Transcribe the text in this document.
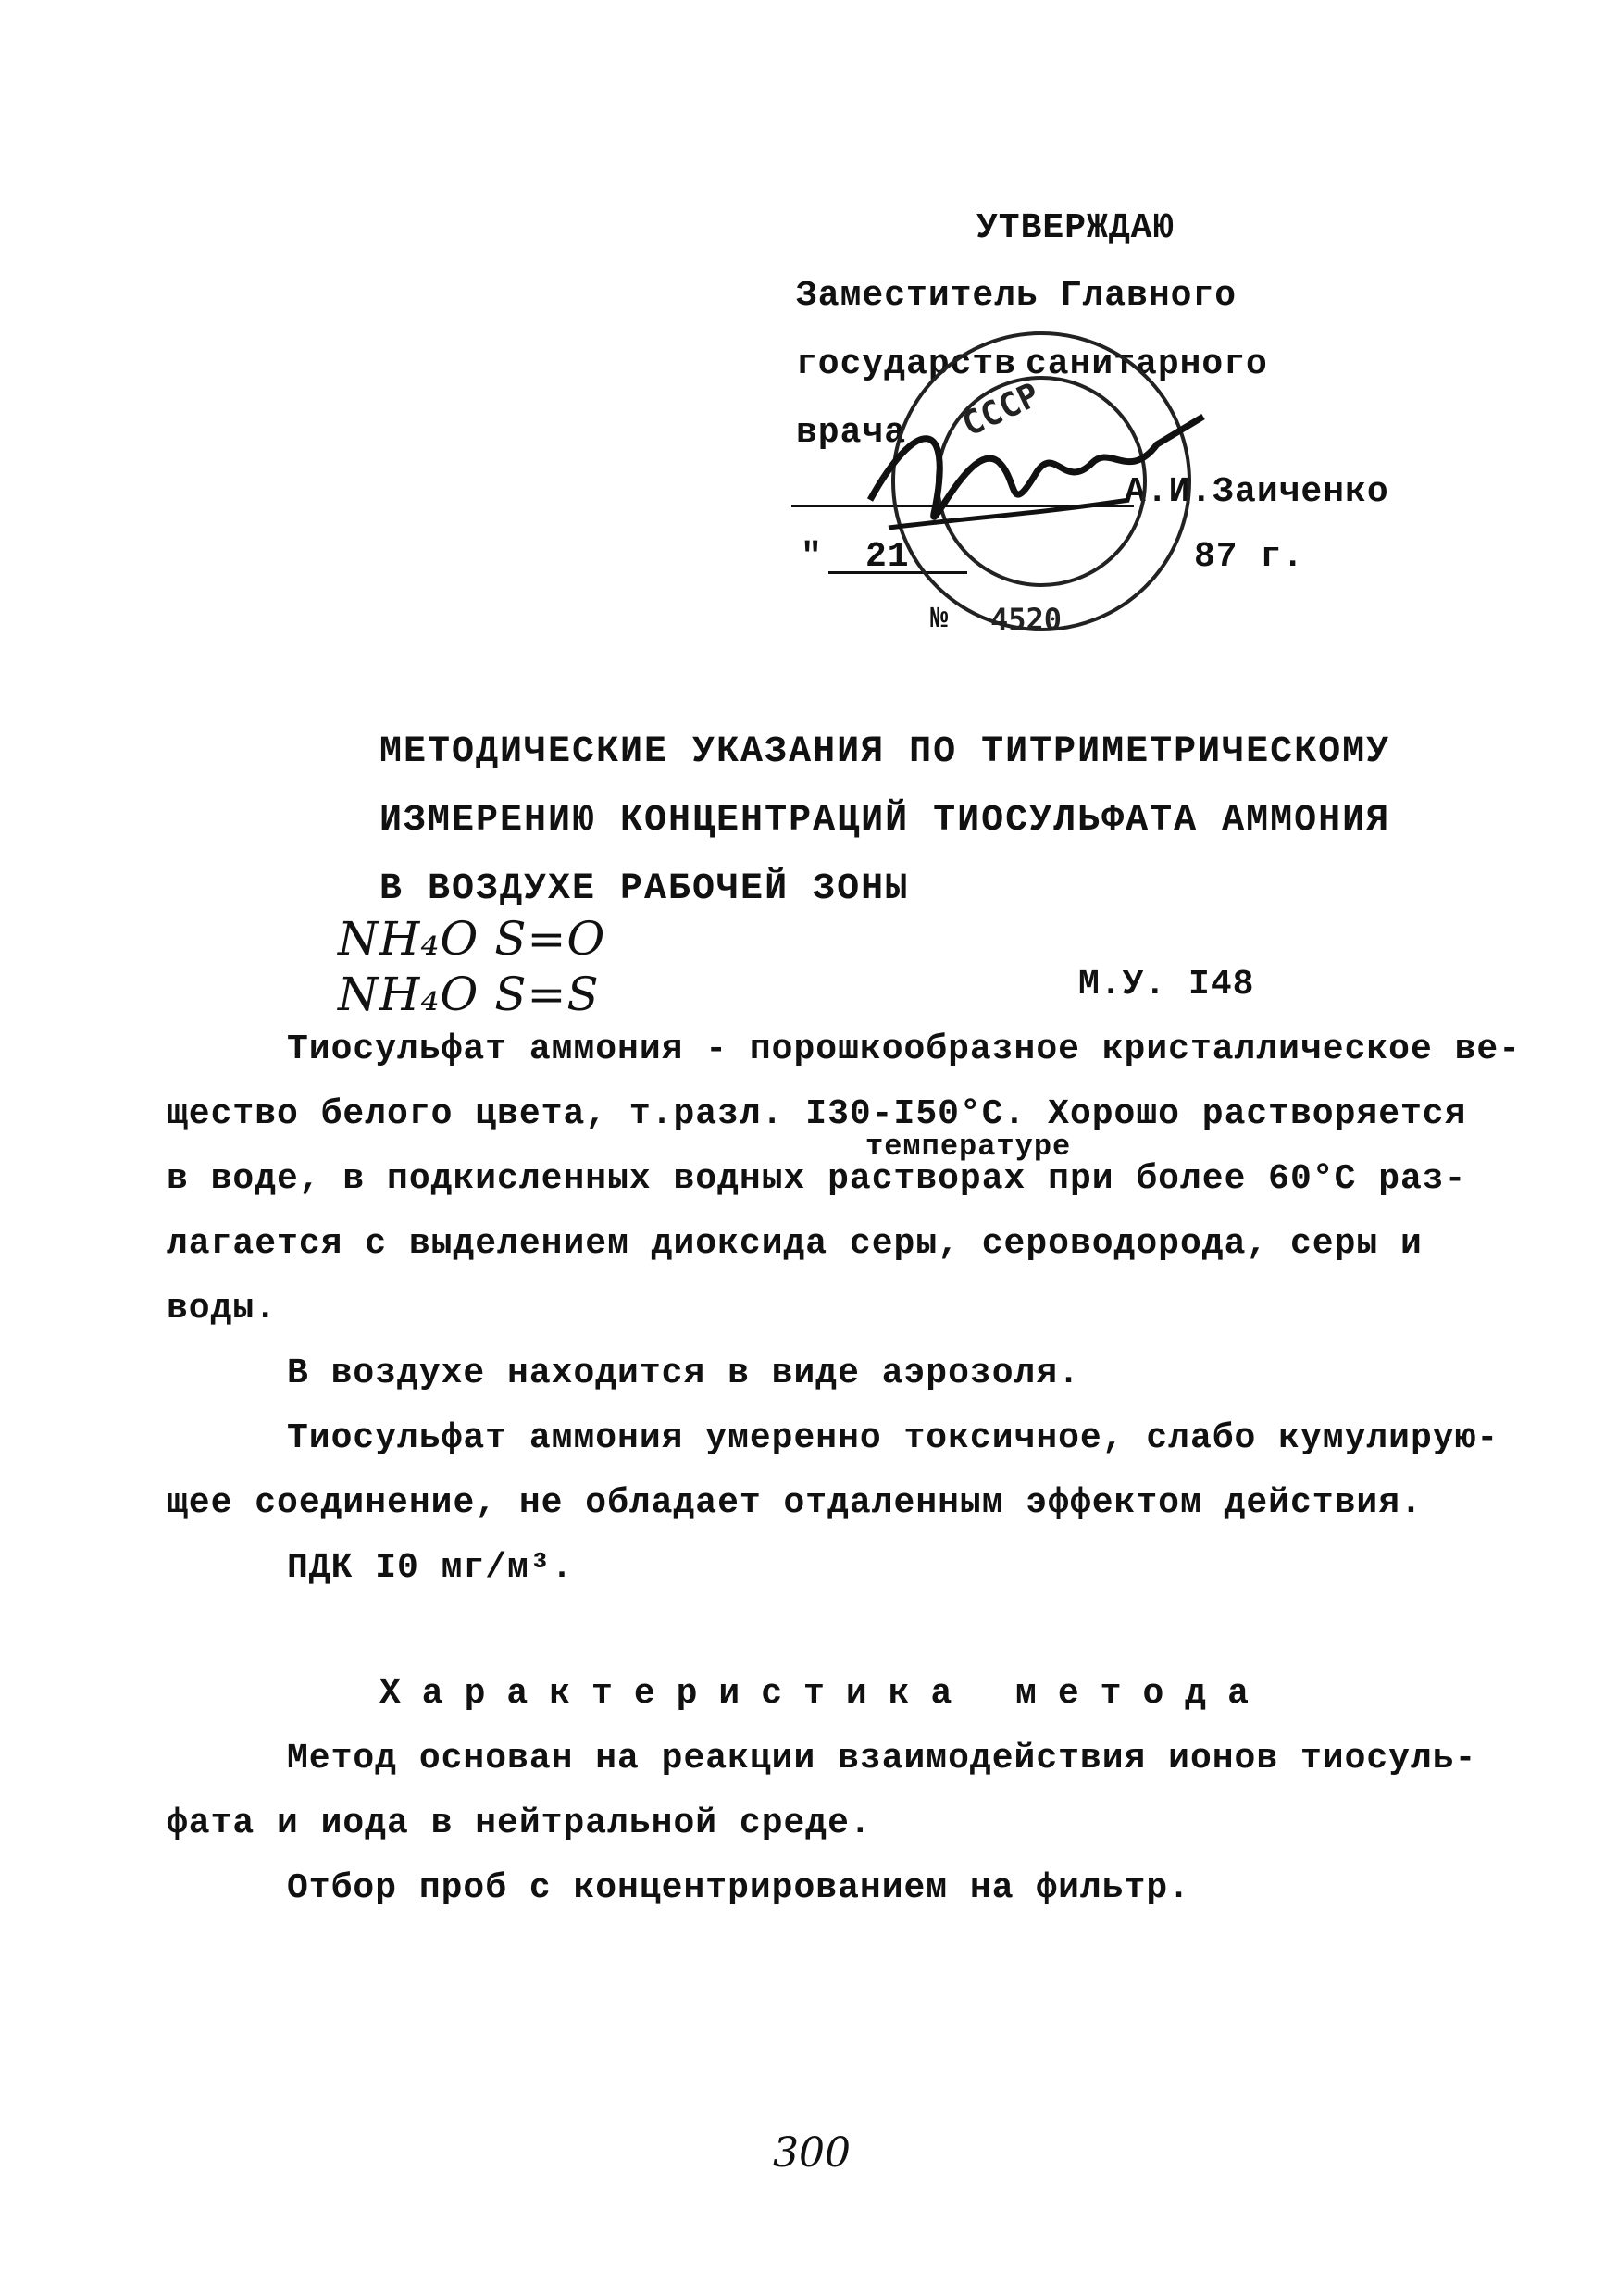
УТВЕРЖДАЮ
Заместитель Главного
государств санитарного
врача
А.И.Заиченко
" 21	87 г.
№
СССР
4520
МЕТОДИЧЕСКИЕ УКАЗАНИЯ ПО ТИТРИМЕТРИЧЕСКОМУ
ИЗМЕРЕНИЮ КОНЦЕНТРАЦИЙ ТИОСУЛЬФАТА АММОНИЯ
В ВОЗДУХЕ РАБОЧЕЙ ЗОНЫ
NH₄O S=O
NH₄O S=S	М.У. I48
Тиосульфат аммония - порошкообразное кристаллическое ве-
щество белого цвета, т.разл. I30-I50°С. Хорошо растворяется
температуре
в воде, в подкисленных водных растворах при более 60°С раз-
лагается с выделением диоксида серы, сероводорода, серы и
воды.
В воздухе находится в виде аэрозоля.
Тиосульфат аммония умеренно токсичное, слабо кумулирую-
щее соединение, не обладает отдаленным эффектом действия.
ПДК I0 мг/м³.
Характеристика метода
Метод основан на реакции взаимодействия ионов тиосуль-
фата и иода в нейтральной среде.
Отбор проб с концентрированием на фильтр.
300
